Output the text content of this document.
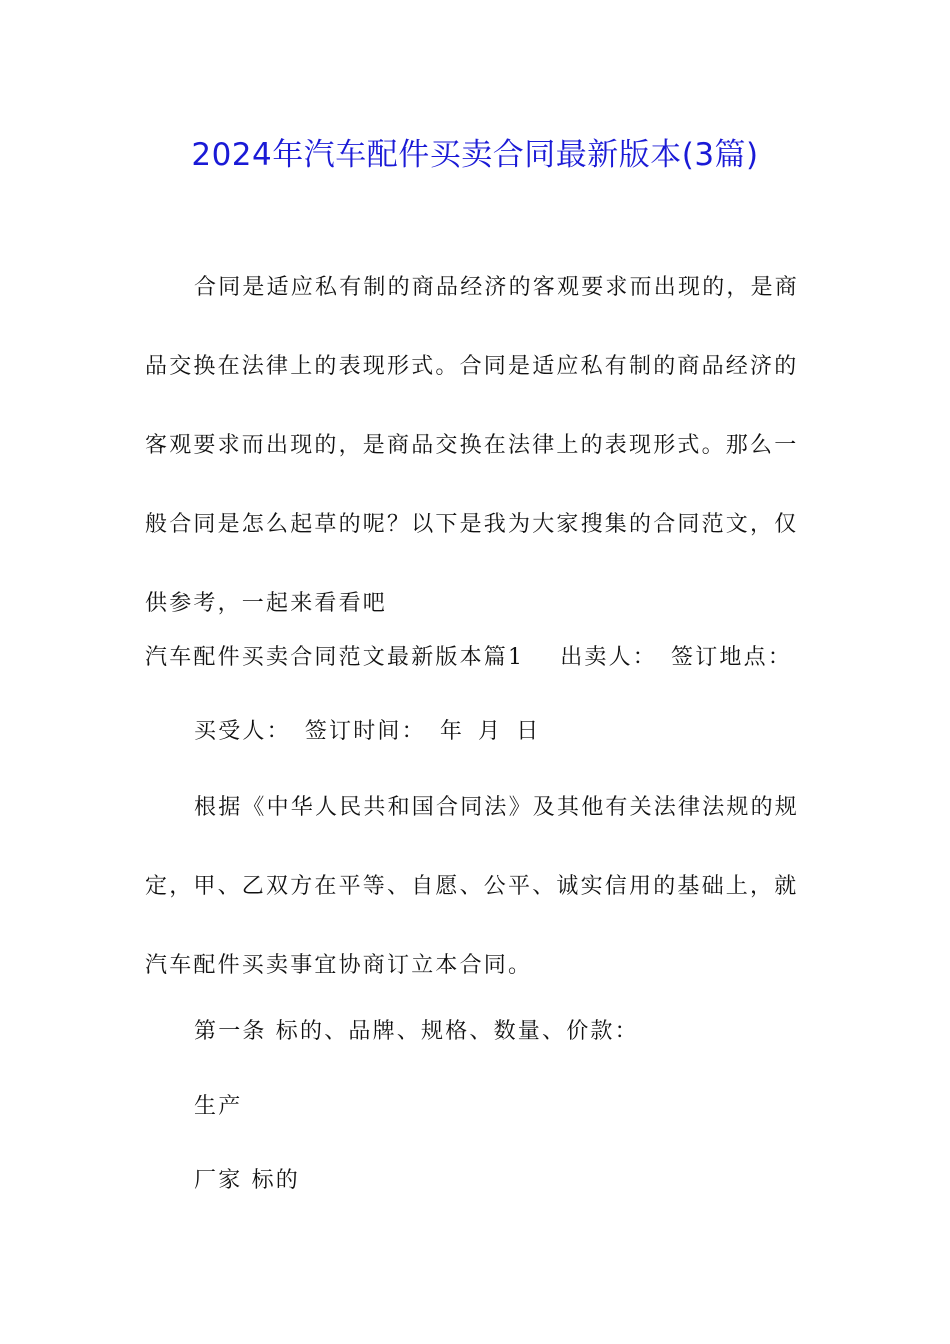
2024年汽车配件买卖合同最新版本(3篇)
合同是适应私有制的商品经济的客观要求而出现的，是商
品交换在法律上的表现形式。合同是适应私有制的商品经济的
客观要求而出现的，是商品交换在法律上的表现形式。那么一
般合同是怎么起草的呢？以下是我为大家搜集的合同范文，仅
供参考，一起来看看吧
汽车配件买卖合同范文最新版本篇1 出卖人： 签订地点：
买受人： 签订时间： 年 月 日
根据《中华人民共和国合同法》及其他有关法律法规的规
定，甲、乙双方在平等、自愿、公平、诚实信用的基础上，就
汽车配件买卖事宜协商订立本合同。
第一条 标的、品牌、规格、数量、价款：
生产
厂家 标的
